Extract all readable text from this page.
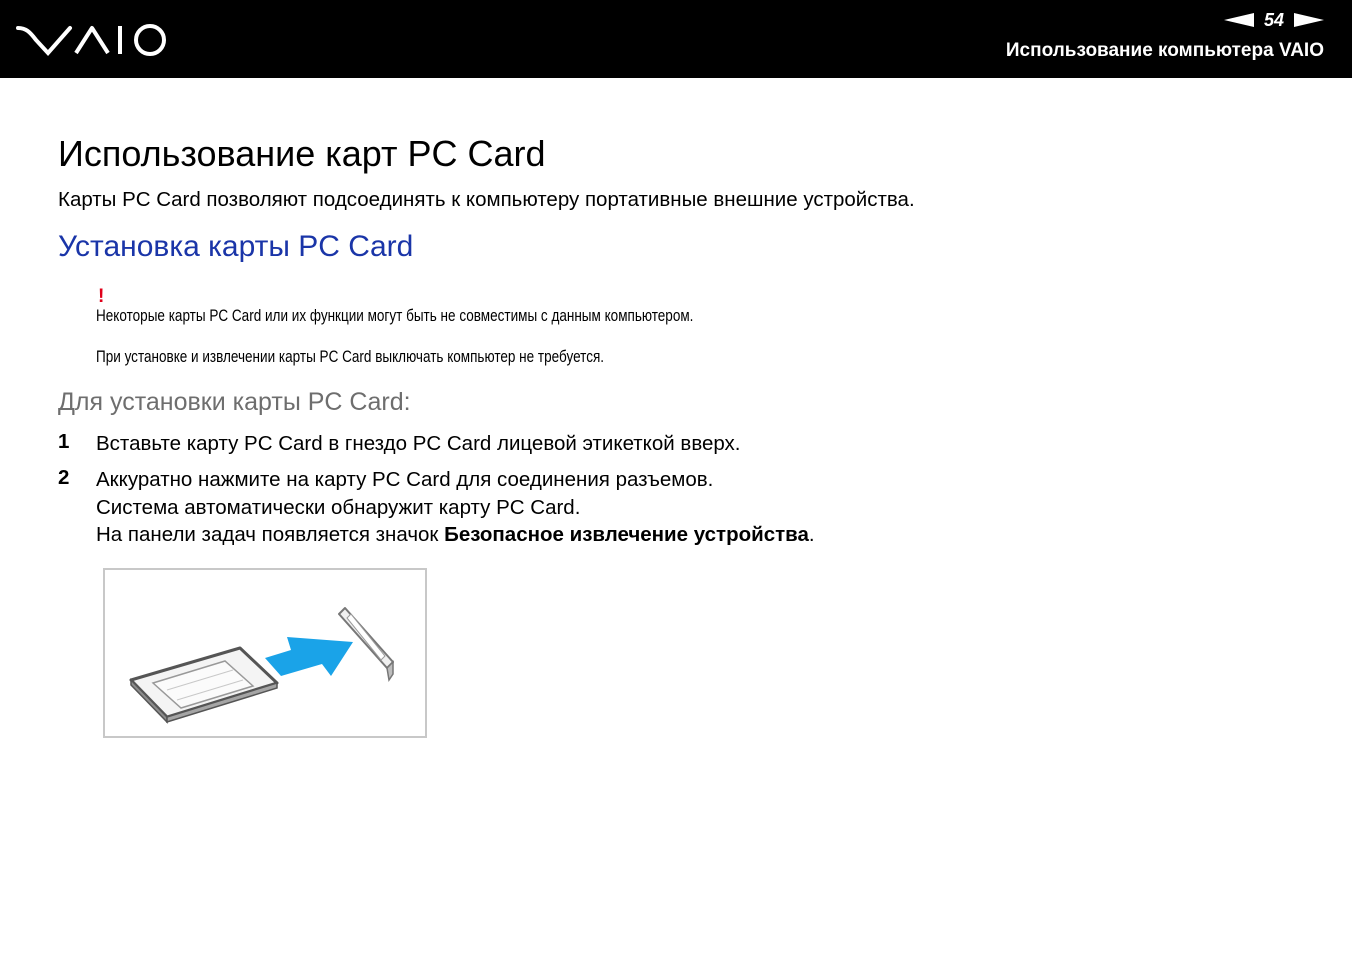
54
Использование компьютера VAIO
Использование карт PC Card
Карты PC Card позволяют подсоединять к компьютеру портативные внешние устройства.
Установка карты PC Card
!
Некоторые карты PC Card или их функции могут быть не совместимы с данным компьютером.
При установке и извлечении карты PC Card выключать компьютер не требуется.
Для установки карты PC Card:
1 Вставьте карту PC Card в гнездо PC Card лицевой этикеткой вверх.
2 Аккуратно нажмите на карту PC Card для соединения разъемов.
Система автоматически обнаружит карту PC Card.
На панели задач появляется значок Безопасное извлечение устройства.
